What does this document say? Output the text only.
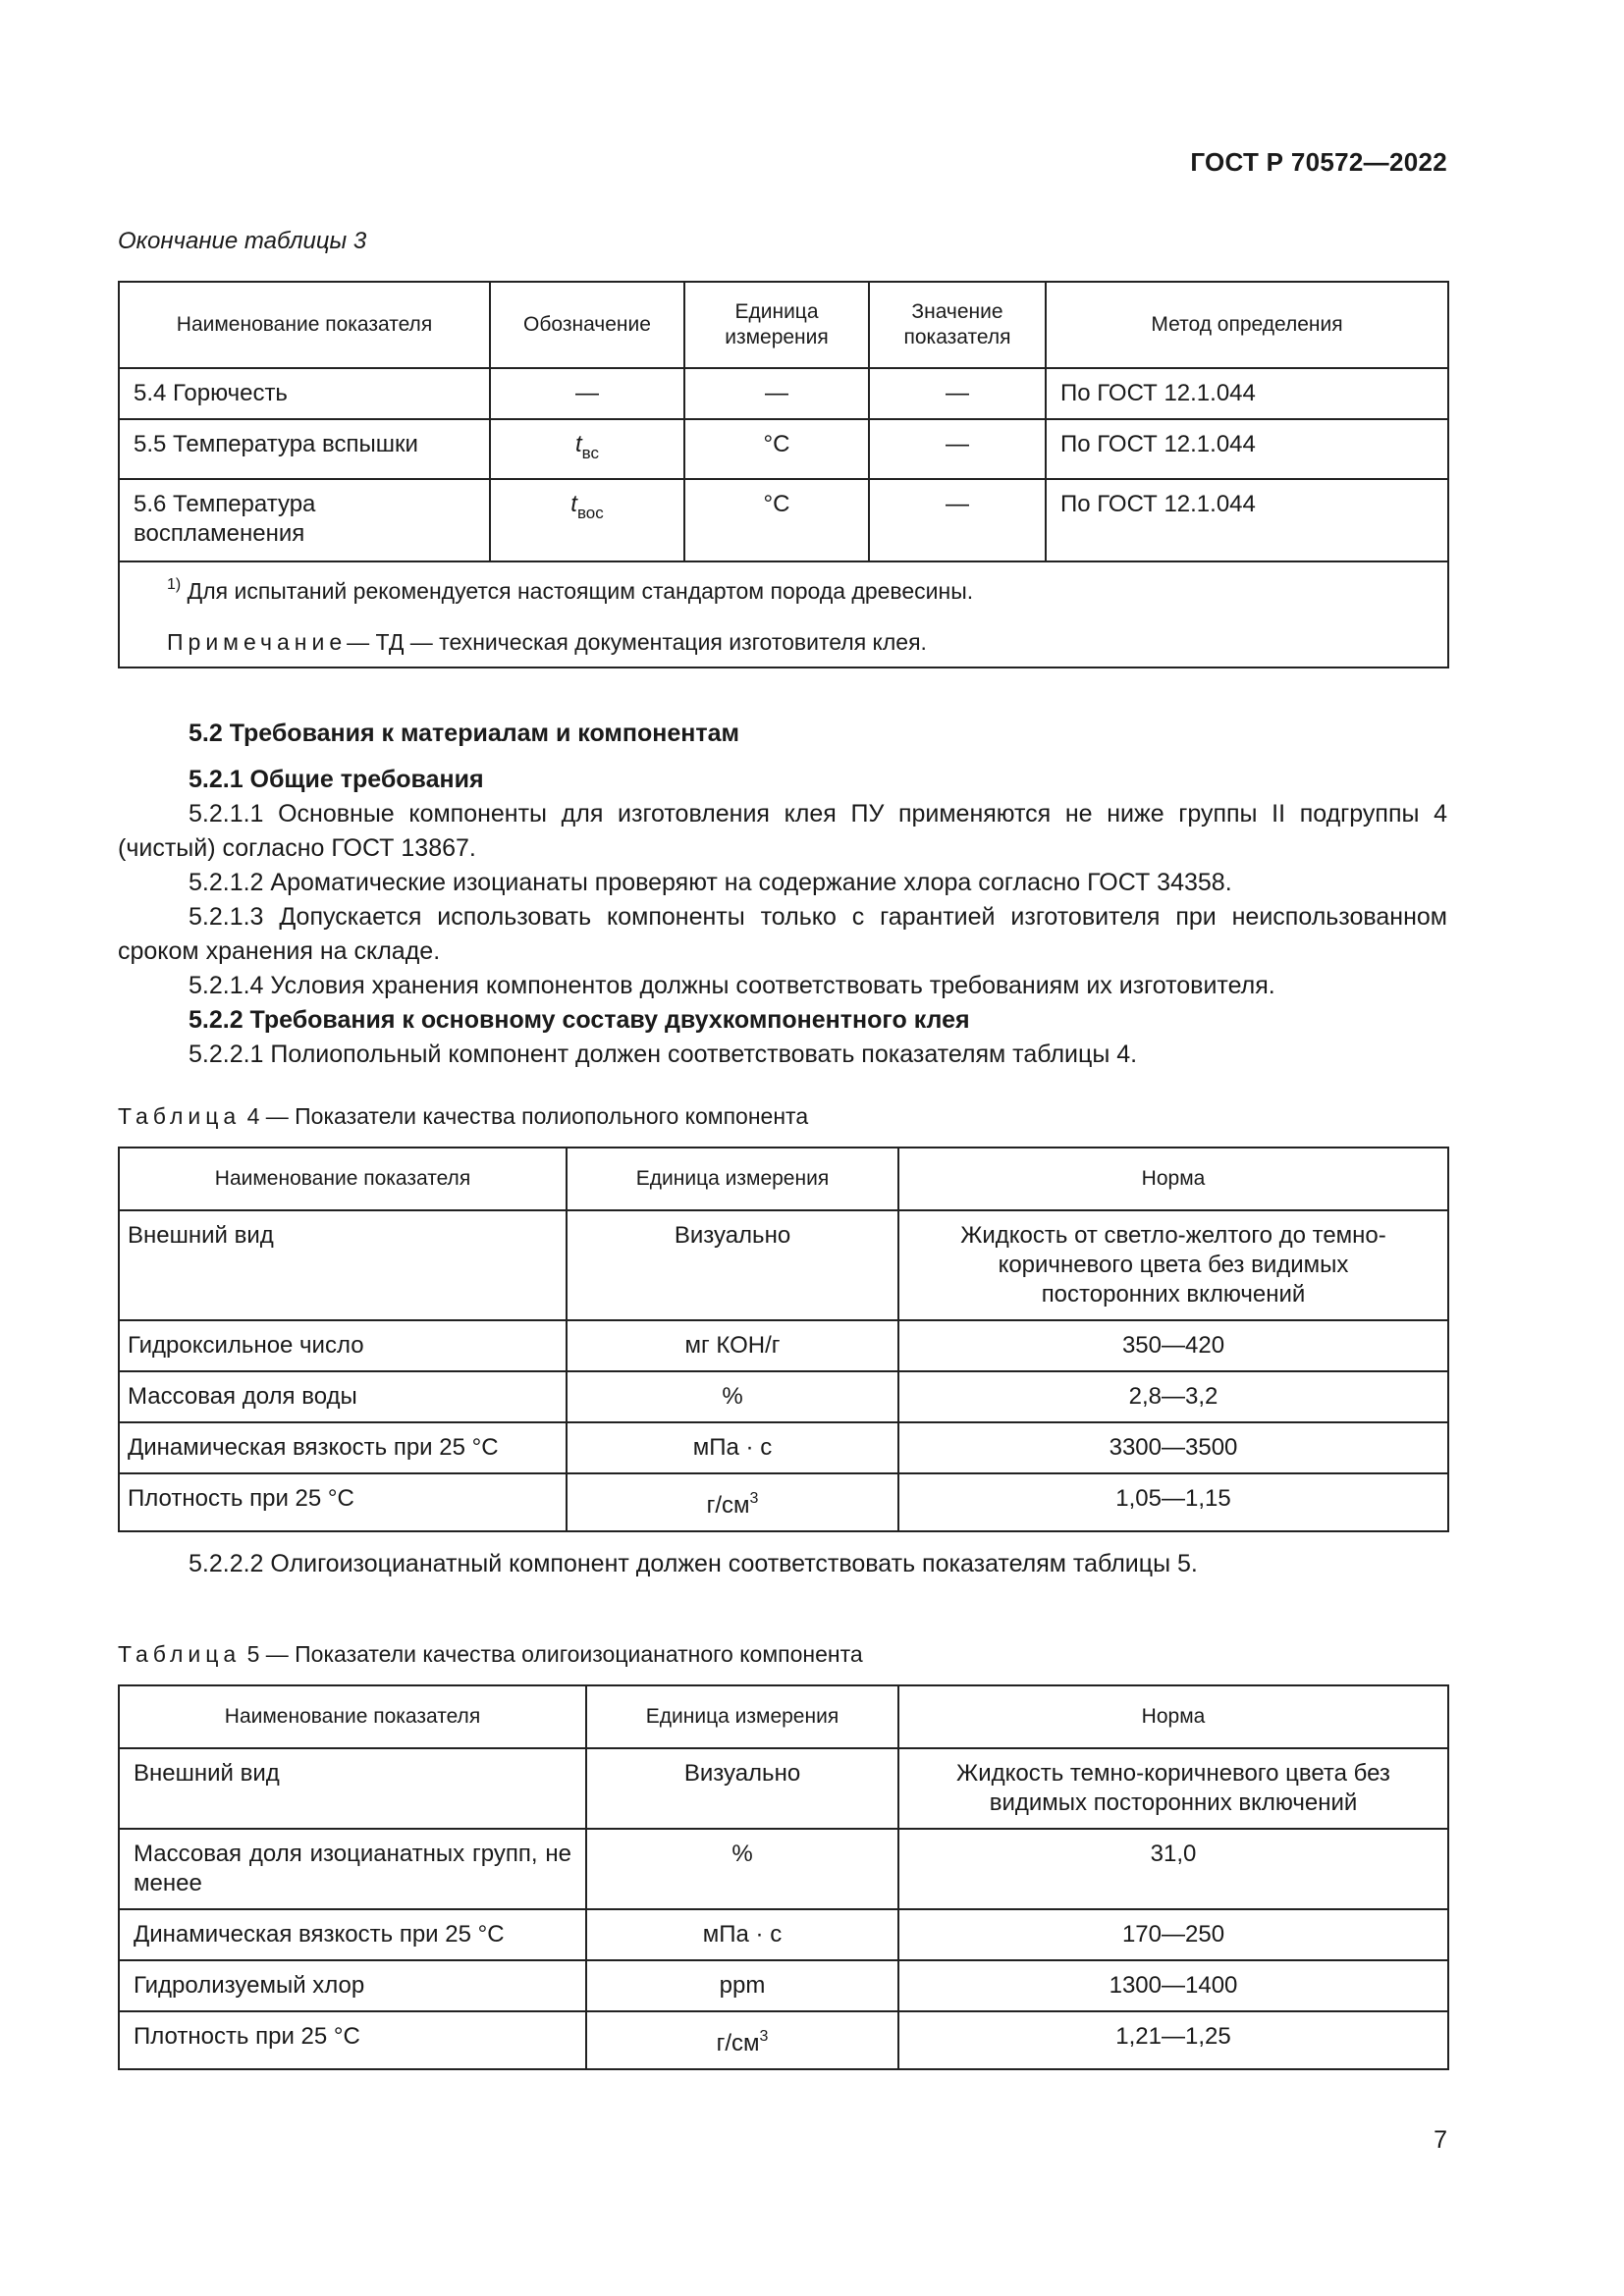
ГОСТ Р 70572—2022
Окончание таблицы 3
Наименование показателя	Обозначение	Единица измерения	Значение показателя	Метод определения
5.4 Горючесть	—	—	—	По ГОСТ 12.1.044
5.5 Температура вспышки	$t_{вс}$	°C	—	По ГОСТ 12.1.044
5.6 Температура воспламенения	$t_{вос}$	°C	—	По ГОСТ 12.1.044

$^{1)}$ Для испытаний рекомендуется настоящим стандартом порода древесины.
Примечание— ТД — техническая документация изготовителя клея.				

5.2 Требования к материалам и компонентам

5.2.1 Общие требования

5.2.1.1 Основные компоненты для изготовления клея ПУ применяются не ниже группы II подгруппы 4 (чистый) согласно ГОСТ 13867.

5.2.1.2 Ароматические изоцианаты проверяют на содержание хлора согласно ГОСТ 34358.

5.2.1.3 Допускается использовать компоненты только с гарантией изготовителя при неиспользованном сроком хранения на складе.

5.2.1.4 Условия хранения компонентов должны соответствовать требованиям их изготовителя.

5.2.2 Требования к основному составу двухкомпонентного клея

5.2.2.1 Полиопольный компонент должен соответствовать показателям таблицы 4.

Таблица 4 — Показатели качества полиопольного компонента
Наименование показателя	Единица измерения	Норма
Внешний вид	Визуально	Жидкость от светло-желтого до темно-коричневого цвета без видимых посторонних включений
Гидроксильное число	мг КОН/г	350—420
Массовая доля воды	%	2,8—3,2
Динамическая вязкость при 25 °С	мПа · с	3300—3500
Плотность при 25 °С	$г/см^3$	1,05—1,15

5.2.2.2 Олигоизоцианатный компонент должен соответствовать показателям таблицы 5.

Таблица 5 — Показатели качества олигоизоцианатного компонента
Наименование показателя	Единица измерения	Норма
Внешний вид	Визуально	Жидкость темно-коричневого цвета без видимых посторонних включений
Массовая доля изоцианатных групп, не менее	%	31,0
Динамическая вязкость при 25 °С	мПа · с	170—250
Гидролизуемый хлор	ppm	1300—1400
Плотность при 25 °С	$г/см^3$	1,21—1,25
7
